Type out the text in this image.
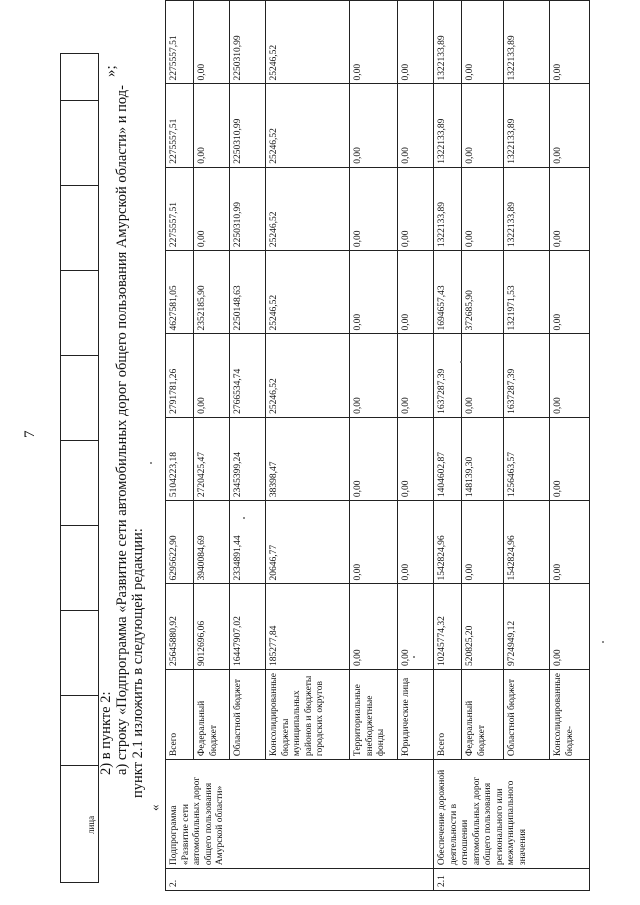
7
лица
»;
2) в пункте 2: а) строку «Подпрограмма «Развитие сети автомобильных дорог общего пользования Амурской области» и под- пункт 2.1 изложить в следующей редакции:
«
2.	Подпрограмма «Развитие сети автомобильных дорог общего пользования Амурской области»	Всего	25645880,92	6295622,90	5104223,18	2791781,26	4627581,05	2275557,51	2275557,51	2275557,51
		Федеральный бюджет	9012696,06	3940084,69	2720425,47	0,00	2352185,90	0,00	0,00	0,00
		Областной бюджет	16447907,02	2334891,44	2345399,24	2766534,74	2250148,63	2250310,99	2250310,99	2250310,99
		Консолидированные бюджеты муниципальных районов и бюджеты городских округов	185277,84	20646,77	38398,47	25246,52	25246,52	25246,52	25246,52	25246,52
		Территориальные внебюджетные фонды	0,00	0,00	0,00	0,00	0,00	0,00	0,00	0,00
		Юридические лица	0,00	0,00	0,00	0,00	0,00	0,00	0,00	0,00
2.1	Обеспечение дорожной деятельности в отношении автомобильных дорог общего пользования регионального или межмуниципального значения	Всего	10245774,32	1542824,96	1404602,87	1637287,39	1694657,43	1322133,89	1322133,89	1322133,89
		Федеральный бюджет	520825,20	0,00	148139,30	0,00	372685,90	0,00	0,00	0,00
		Областной бюджет	9724949,12	1542824,96	1256463,57	1637287,39	1321971,53	1322133,89	1322133,89	1322133,89
		Консолидированные бюдже-	0,00	0,00	0,00	0,00	0,00	0,00	0,00	0,00
